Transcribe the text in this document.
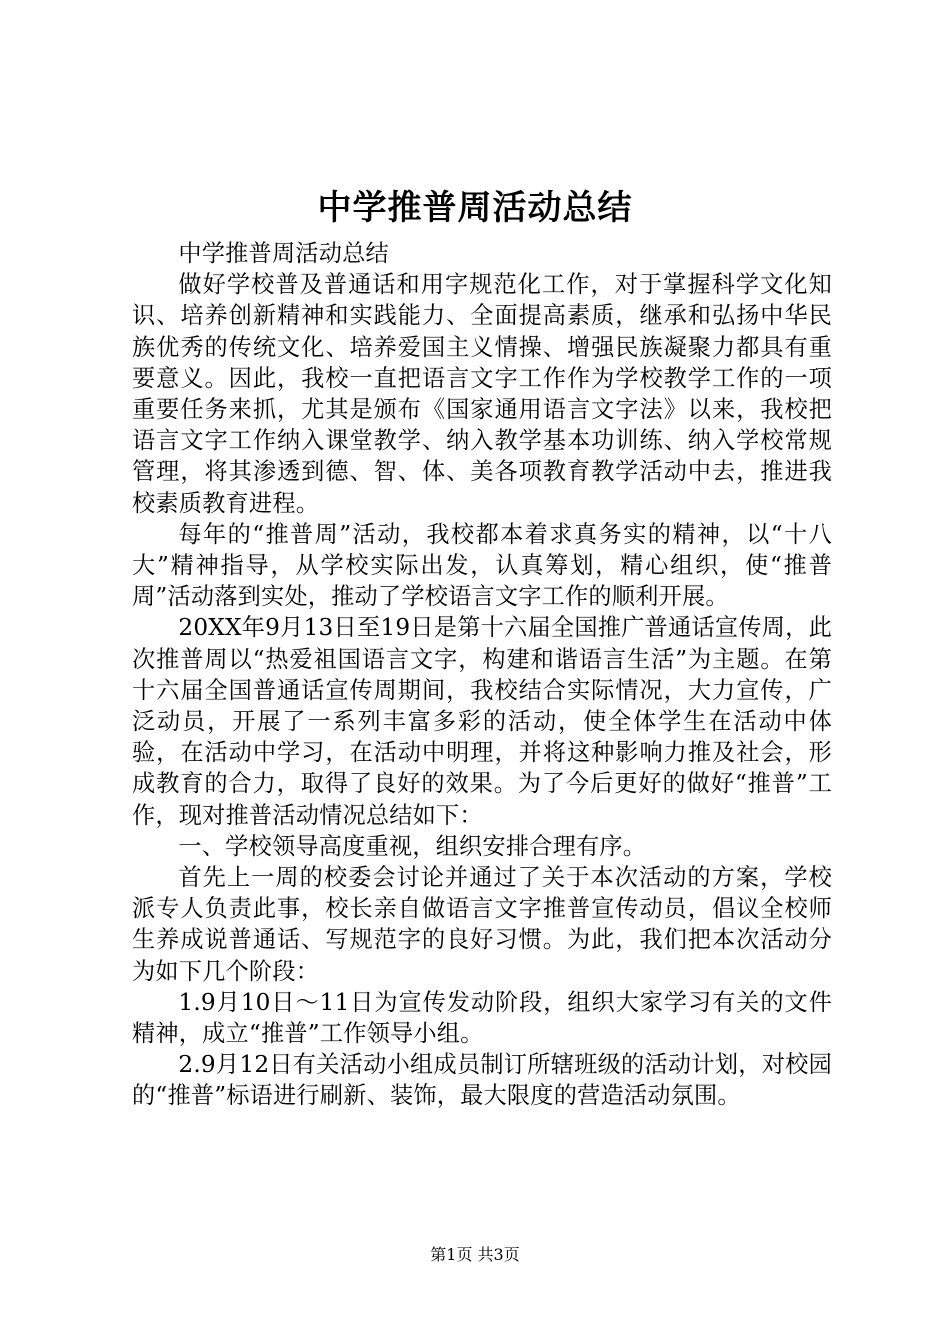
中学推普周活动总结

中学推普周活动总结

做好学校普及普通话和用字规范化工作，对于掌握科学文化知识、培养创新精神和实践能力、全面提高素质，继承和弘扬中华民族优秀的传统文化、培养爱国主义情操、增强民族凝聚力都具有重要意义。因此，我校一直把语言文字工作作为学校教学工作的一项重要任务来抓，尤其是颁布《国家通用语言文字法》以来，我校把语言文字工作纳入课堂教学、纳入教学基本功训练、纳入学校常规管理，将其渗透到德、智、体、美各项教育教学活动中去，推进我校素质教育进程。

每年的“推普周”活动，我校都本着求真务实的精神，以“十八大”精神指导，从学校实际出发，认真筹划，精心组织，使“推普周”活动落到实处，推动了学校语言文字工作的顺利开展。

20XX年9月13日至19日是第十六届全国推广普通话宣传周，此次推普周以“热爱祖国语言文字，构建和谐语言生活”为主题。在第十六届全国普通话宣传周期间，我校结合实际情况，大力宣传，广泛动员，开展了一系列丰富多彩的活动，使全体学生在活动中体验，在活动中学习，在活动中明理，并将这种影响力推及社会，形成教育的合力，取得了良好的效果。为了今后更好的做好“推普”工作，现对推普活动情况总结如下：

一、学校领导高度重视，组织安排合理有序。

首先上一周的校委会讨论并通过了关于本次活动的方案，学校派专人负责此事，校长亲自做语言文字推普宣传动员，倡议全校师生养成说普通话、写规范字的良好习惯。为此，我们把本次活动分为如下几个阶段：

1.9月10日～11日为宣传发动阶段，组织大家学习有关的文件精神，成立“推普”工作领导小组。

2.9月12日有关活动小组成员制订所辖班级的活动计划，对校园的“推普”标语进行刷新、装饰，最大限度的营造活动氛围。

第1页 共3页
